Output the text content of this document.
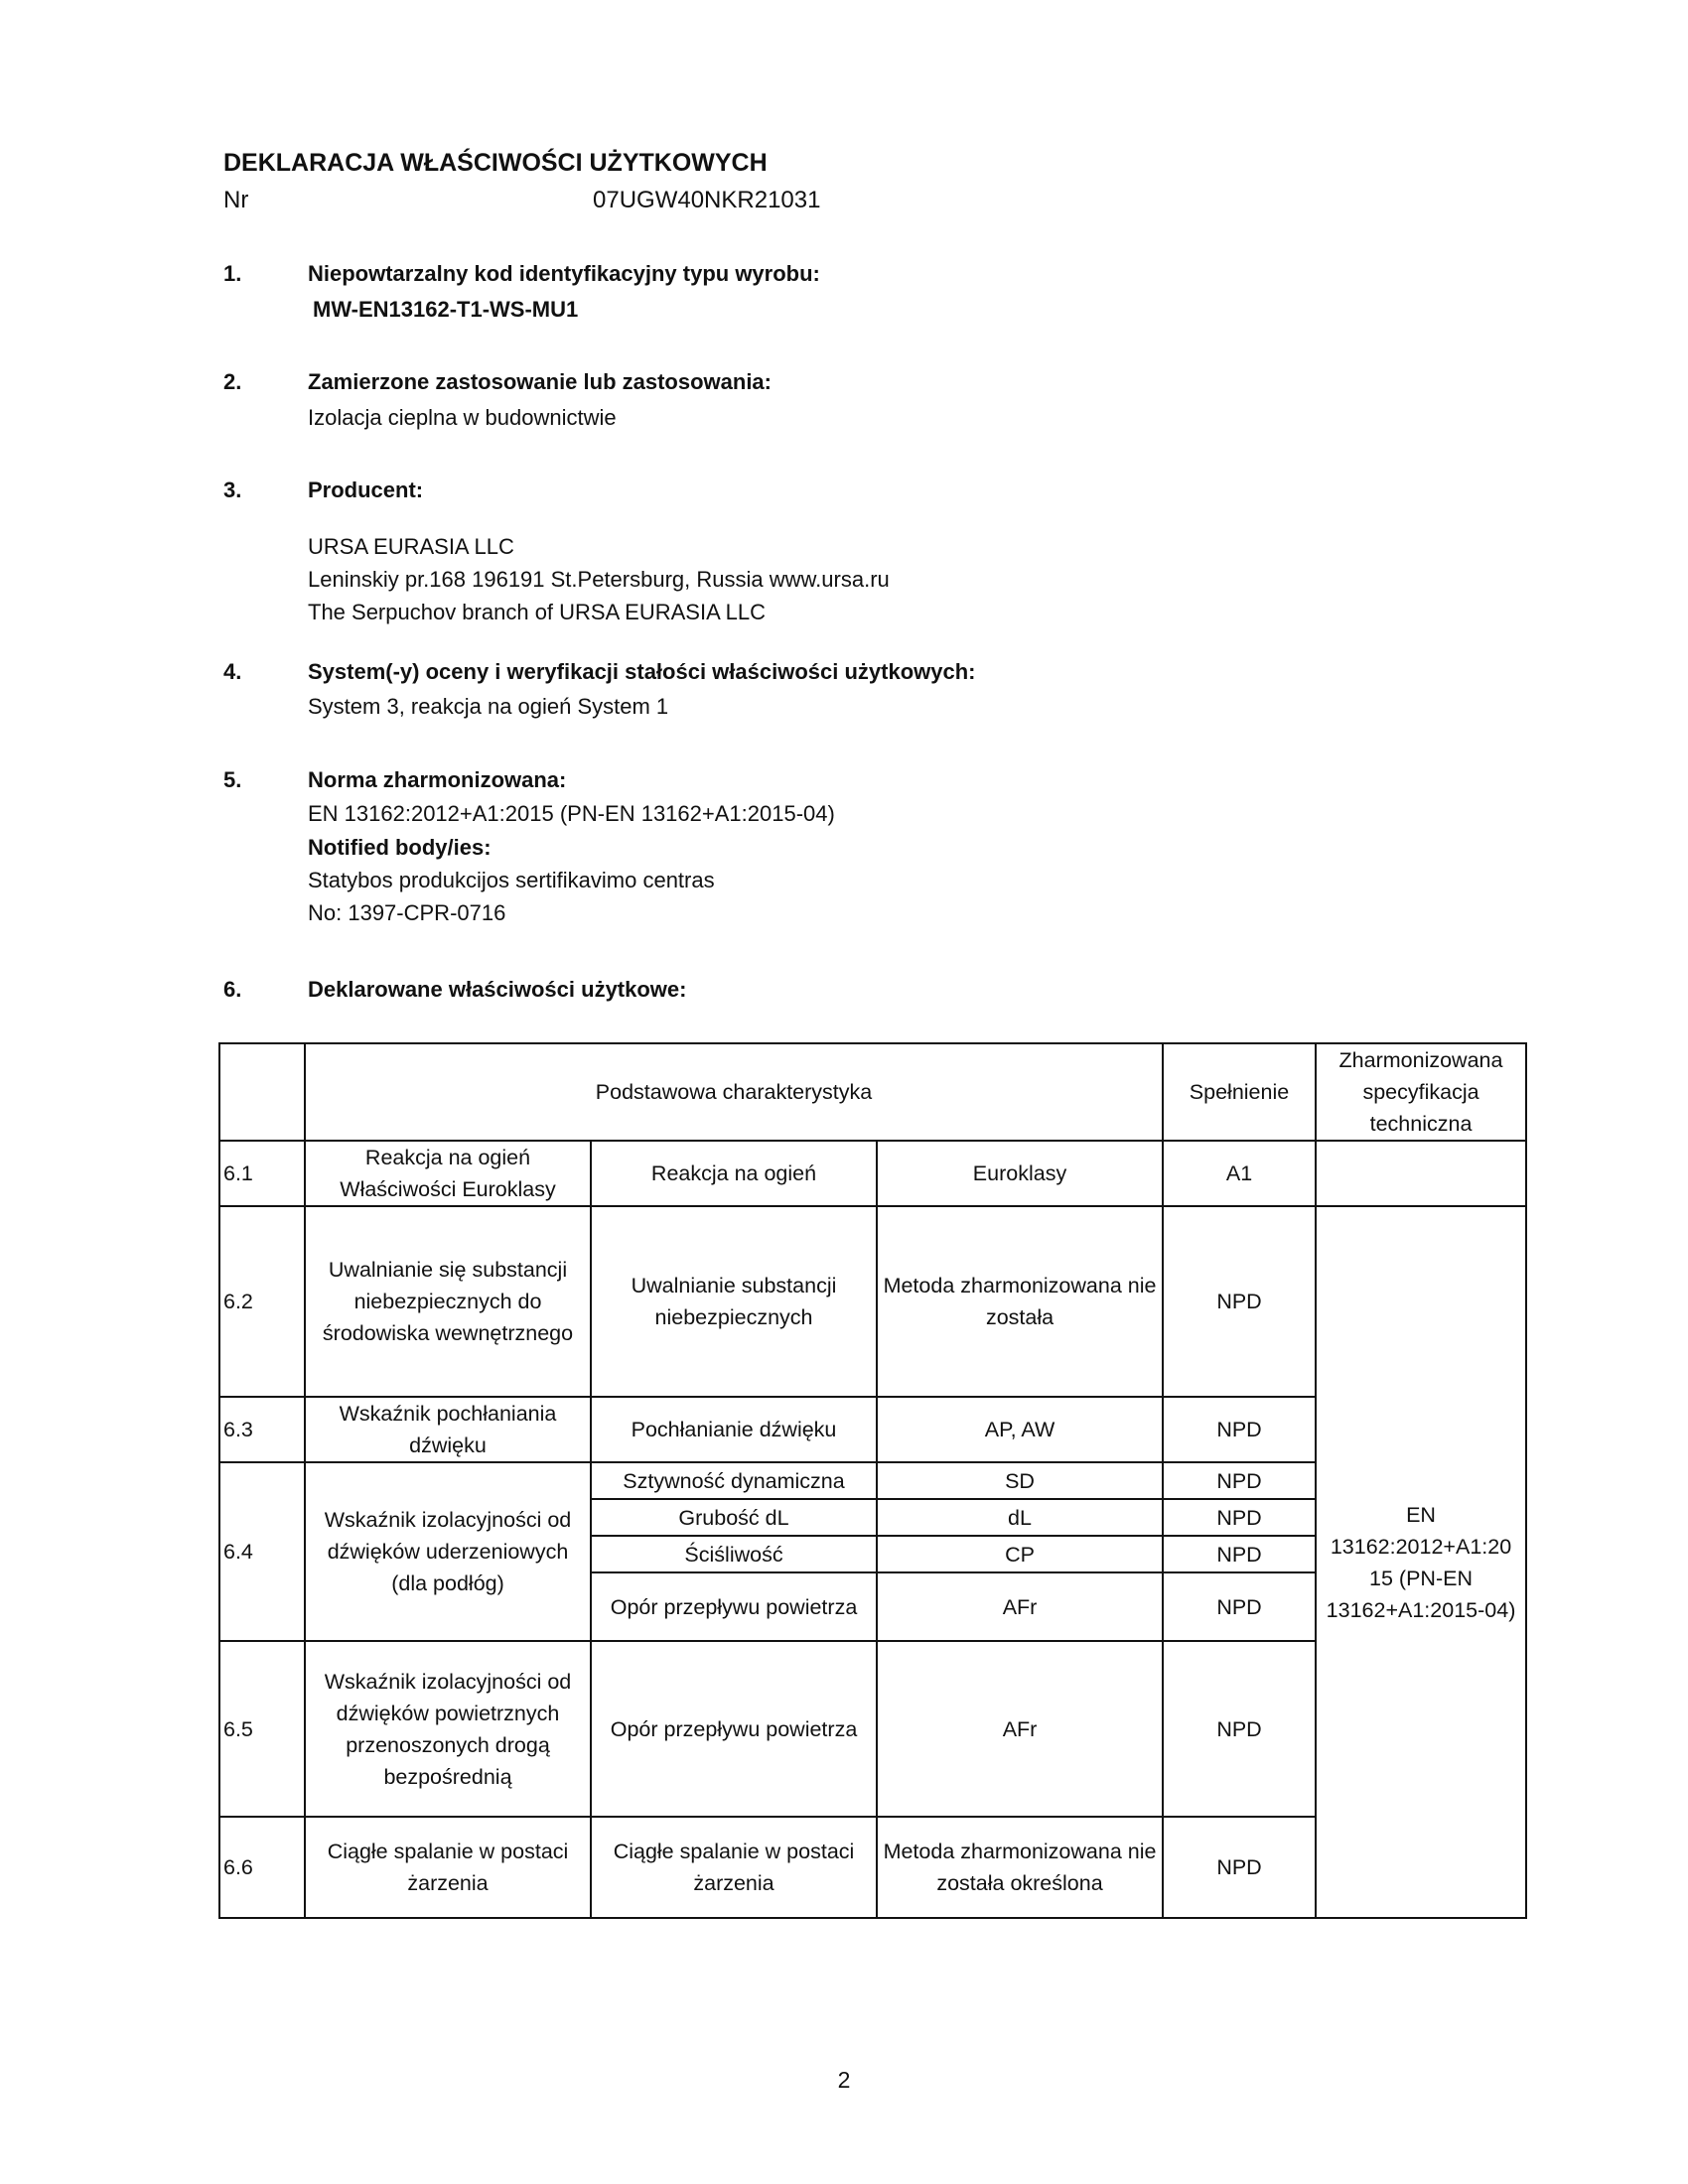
DEKLARACJA WŁAŚCIWOŚCI UŻYTKOWYCH
Nr	07UGW40NKR21031
1.	Niepowtarzalny kod identyfikacyjny typu wyrobu:
MW-EN13162-T1-WS-MU1
2.	Zamierzone zastosowanie lub zastosowania:
Izolacja cieplna w budownictwie
3.	Producent:
URSA EURASIA LLC
Leninskiy pr.168 196191 St.Petersburg, Russia www.ursa.ru
The Serpuchov branch of URSA EURASIA LLC
4.	System(-y) oceny i weryfikacji stałości właściwości użytkowych:
System 3, reakcja na ogień System 1
5.	Norma zharmonizowana:
EN 13162:2012+A1:2015 (PN-EN 13162+A1:2015-04)
Notified body/ies:
Statybos produkcijos sertifikavimo centras
No: 1397-CPR-0716
6.	Deklarowane właściwości użytkowe:
	Podstawowa charakterystyka			Spełnienie	Zharmonizowana specyfikacja techniczna
6.1	Reakcja na ogień Właściwości Euroklasy	Reakcja na ogień	Euroklasy	A1	
6.2	Uwalnianie się substancji niebezpiecznych do środowiska wewnętrznego	Uwalnianie substancji niebezpiecznych	Metoda zharmonizowana nie została	NPD	EN 13162:2012+A1:20 15 (PN-EN 13162+A1:2015-04)
6.3	Wskaźnik pochłaniania dźwięku	Pochłanianie dźwięku	AP, AW	NPD	
6.4	Wskaźnik izolacyjności od dźwięków uderzeniowych (dla podłóg)	Sztywność dynamiczna	SD	NPD	
		Grubość dL	dL	NPD	
		Ściśliwość	CP	NPD	
		Opór przepływu powietrza	AFr	NPD	
6.5	Wskaźnik izolacyjności od dźwięków powietrznych przenoszonych drogą bezpośrednią	Opór przepływu powietrza	AFr	NPD	
6.6	Ciągłe spalanie w postaci żarzenia	Ciągłe spalanie w postaci żarzenia	Metoda zharmonizowana nie została określona	NPD	
2
